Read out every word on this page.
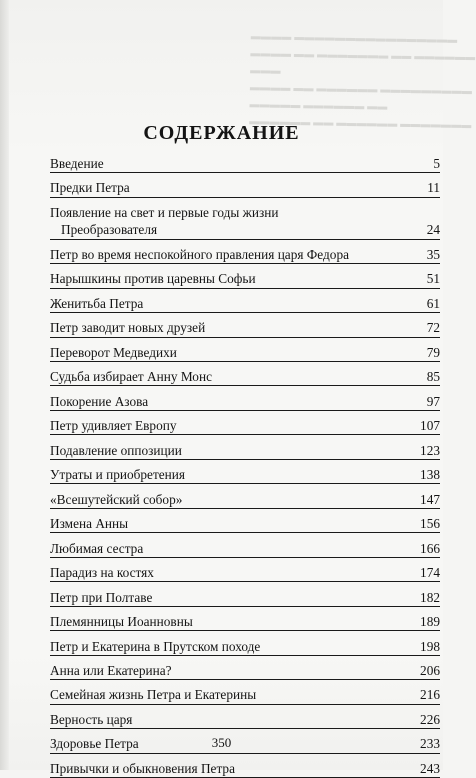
▬▬▬▬ ▬▬▬▬▬▬▬▬▬▬▬▬▬▬▬▬
▬▬▬▬ ▬▬ ▬▬▬▬▬▬▬ ▬▬ ▬▬▬▬▬▬
▬▬▬
▬▬▬▬ ▬▬ ▬▬▬▬▬▬ ▬▬▬▬▬▬▬▬▬
▬▬▬▬▬ ▬▬▬▬▬▬ ▬▬
▬▬▬▬▬▬ ▬▬ ▬▬▬▬▬▬ ▬▬▬▬▬▬▬
СОДЕРЖАНИЕ
Введение	5
Предки Петра	11
Появление на свет и первые годы жизни
Преобразователя	24
Петр во время неспокойного правления царя Федора	35
Нарышкины против царевны Софьи	51
Женитьба Петра	61
Петр заводит новых друзей	72
Переворот Медведихи	79
Судьба избирает Анну Монс	85
Покорение Азова	97
Петр удивляет Европу	107
Подавление оппозиции	123
Утраты и приобретения	138
«Всешутейский собор»	147
Измена Анны	156
Любимая сестра	166
Парадиз на костях	174
Петр при Полтаве	182
Племянницы Иоанновны	189
Петр и Екатерина в Прутском походе	198
Анна или Екатерина?	206
Семейная жизнь Петра и Екатерины	216
Верность царя	226
Здоровье Петра	233
Привычки и обыкновения Петра	243
350
